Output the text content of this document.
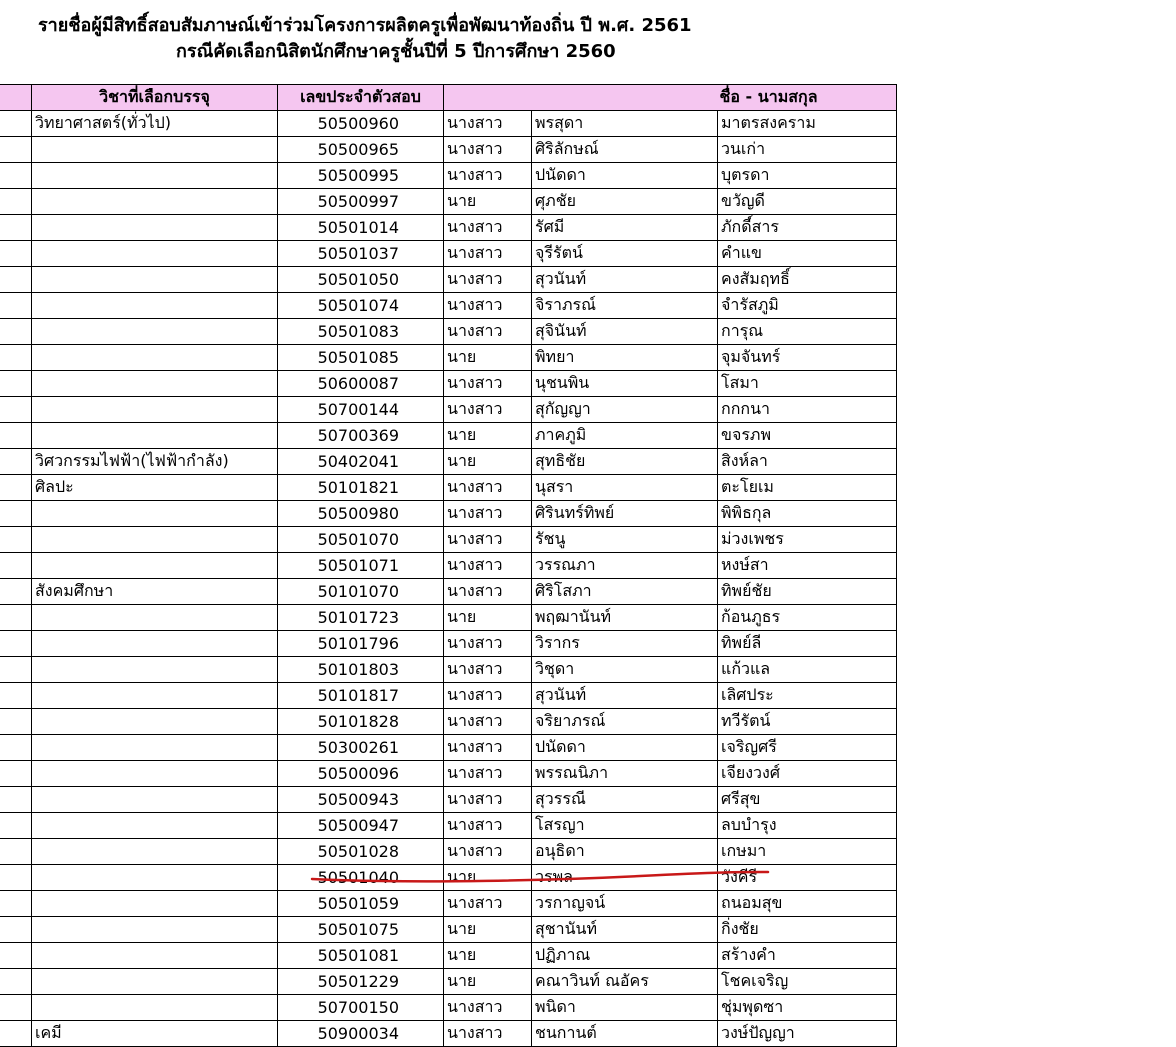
รายชื่อผู้มีสิทธิ์สอบสัมภาษณ์เข้าร่วมโครงการผลิตครูเพื่อพัฒนาท้องถิ่น ปี พ.ศ. 2561
กรณีคัดเลือกนิสิตนักศึกษาครูชั้นปีที่ 5 ปีการศึกษา 2560
	วิชาที่เลือกบรรจุ	เลขประจำตัวสอบ	ชื่อ - นามสกุล		
	วิทยาศาสตร์(ทั่วไป)	50500960	นางสาว	พรสุดา	มาตรสงคราม
		50500965	นางสาว	ศิริลักษณ์	วนเก่า
		50500995	นางสาว	ปนัดดา	บุตรดา
		50500997	นาย	ศุภชัย	ขวัญดี
		50501014	นางสาว	รัศมี	ภักดี์สาร
		50501037	นางสาว	จุรีรัตน์	คำแข
		50501050	นางสาว	สุวนันท์	คงสัมฤทธิ์
		50501074	นางสาว	จิราภรณ์	จำรัสภูมิ
		50501083	นางสาว	สุจินันท์	การุณ
		50501085	นาย	พิทยา	จุมจันทร์
		50600087	นางสาว	นุชนพิน	โสมา
		50700144	นางสาว	สุกัญญา	กกกนา
		50700369	นาย	ภาคภูมิ	ขจรภพ
	วิศวกรรมไฟฟ้า(ไฟฟ้ากำลัง)	50402041	นาย	สุทธิชัย	สิงห์ลา
	ศิลปะ	50101821	นางสาว	นุสรา	ตะโยเม
		50500980	นางสาว	ศิรินทร์ทิพย์	พิพิธกุล
		50501070	นางสาว	รัชนู	ม่วงเพชร
		50501071	นางสาว	วรรณภา	หงษ์สา
	สังคมศึกษา	50101070	นางสาว	ศิริโสภา	ทิพย์ชัย
		50101723	นาย	พฤฒานันท์	ก้อนภูธร
		50101796	นางสาว	วิรากร	ทิพย์ลี
		50101803	นางสาว	วิชุดา	แก้วแล
		50101817	นางสาว	สุวนันท์	เลิศประ
		50101828	นางสาว	จริยาภรณ์	ทวีรัตน์
		50300261	นางสาว	ปนัดดา	เจริญศรี
		50500096	นางสาว	พรรณนิภา	เจียงวงศ์
		50500943	นางสาว	สุวรรณี	ศรีสุข
		50500947	นางสาว	โสรญา	ลบบำรุง
		50501028	นางสาว	อนุธิดา	เกษมา
		50501040	นาย	วรพล	วังคีรี
		50501059	นางสาว	วรกาญจน์	ถนอมสุข
		50501075	นาย	สุชานันท์	กิ่งชัย
		50501081	นาย	ปฏิภาณ	สร้างคำ
		50501229	นาย	คณาวินท์ ณอัคร	โชคเจริญ
		50700150	นางสาว	พนิดา	ชุ่มพุดซา
	เคมี	50900034	นางสาว	ชนกานต์	วงษ์ปัญญา
